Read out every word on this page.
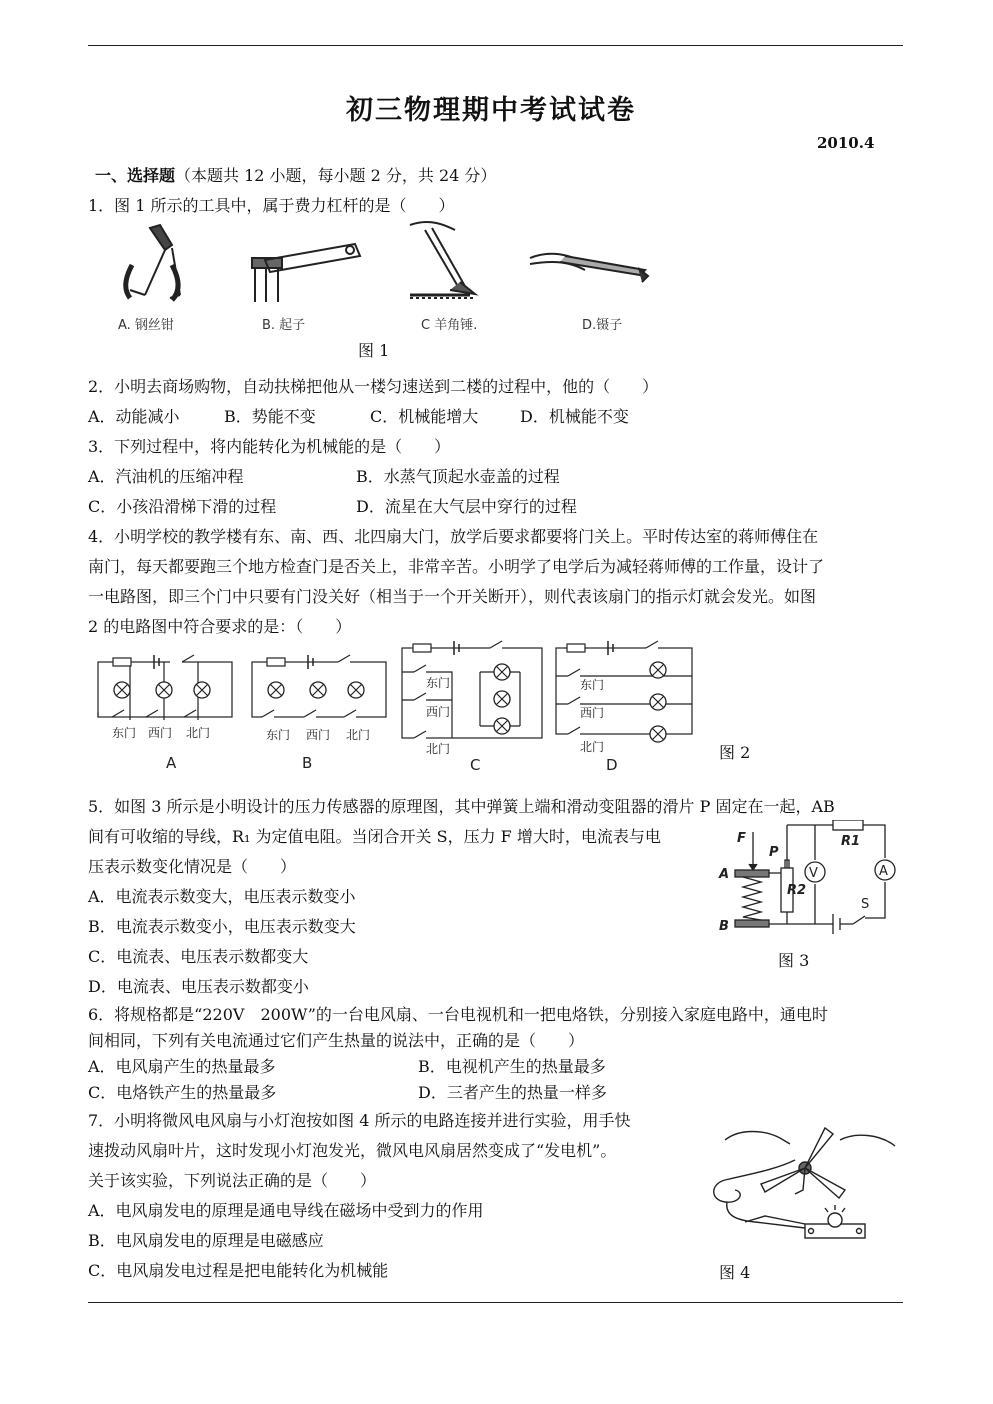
初三物理期中考试试卷
2010.4
一、选择题（本题共 12 小题，每小题 2 分，共 24 分）
1．图 1 所示的工具中，属于费力杠杆的是（　　）
A. 钢丝钳	B. 起子	C 羊角锤.	D.镊子
图 1
2．小明去商场购物，自动扶梯把他从一楼匀速送到二楼的过程中，他的（　　）
A．动能减小	B．势能不变	C．机械能增大	D．机械能不变
3．下列过程中，将内能转化为机械能的是（　　）
A．汽油机的压缩冲程	B．水蒸气顶起水壶盖的过程
C．小孩沿滑梯下滑的过程	D．流星在大气层中穿行的过程
4．小明学校的教学楼有东、南、西、北四扇大门，放学后要求都要将门关上。平时传达室的蒋师傅住在
南门，每天都要跑三个地方检查门是否关上，非常辛苦。小明学了电学后为减轻蒋师傅的工作量，设计了
一电路图，即三个门中只要有门没关好（相当于一个开关断开），则代表该扇门的指示灯就会发光。如图
2 的电路图中符合要求的是：（　　）
东门 西门 北门	东门 西门 北门
东门
西门
北门
东门
西门
北门
A	B	C	D
图 2
5．如图 3 所示是小明设计的压力传感器的原理图，其中弹簧上端和滑动变阻器的滑片 P 固定在一起，AB
间有可收缩的导线，R₁ 为定值电阻。当闭合开关 S，压力 F 增大时，电流表与电
压表示数变化情况是（　　）
A．电流表示数变大，电压表示数变小
B．电流表示数变小，电压表示数变大
C．电流表、电压表示数都变大
D．电流表、电压表示数都变小
V	A
F
A
B
P
R1
R2
S
图 3
6．将规格都是“220V　200W”的一台电风扇、一台电视机和一把电烙铁，分别接入家庭电路中，通电时
间相同，下列有关电流通过它们产生热量的说法中，正确的是（　　）
A．电风扇产生的热量最多	B．电视机产生的热量最多
C．电烙铁产生的热量最多	D．三者产生的热量一样多
7．小明将微风电风扇与小灯泡按如图 4 所示的电路连接并进行实验，用手快
速拨动风扇叶片，这时发现小灯泡发光，微风电风扇居然变成了“发电机”。
关于该实验，下列说法正确的是（　　）
A．电风扇发电的原理是通电导线在磁场中受到力的作用
B．电风扇发电的原理是电磁感应
C．电风扇发电过程是把电能转化为机械能	图 4
